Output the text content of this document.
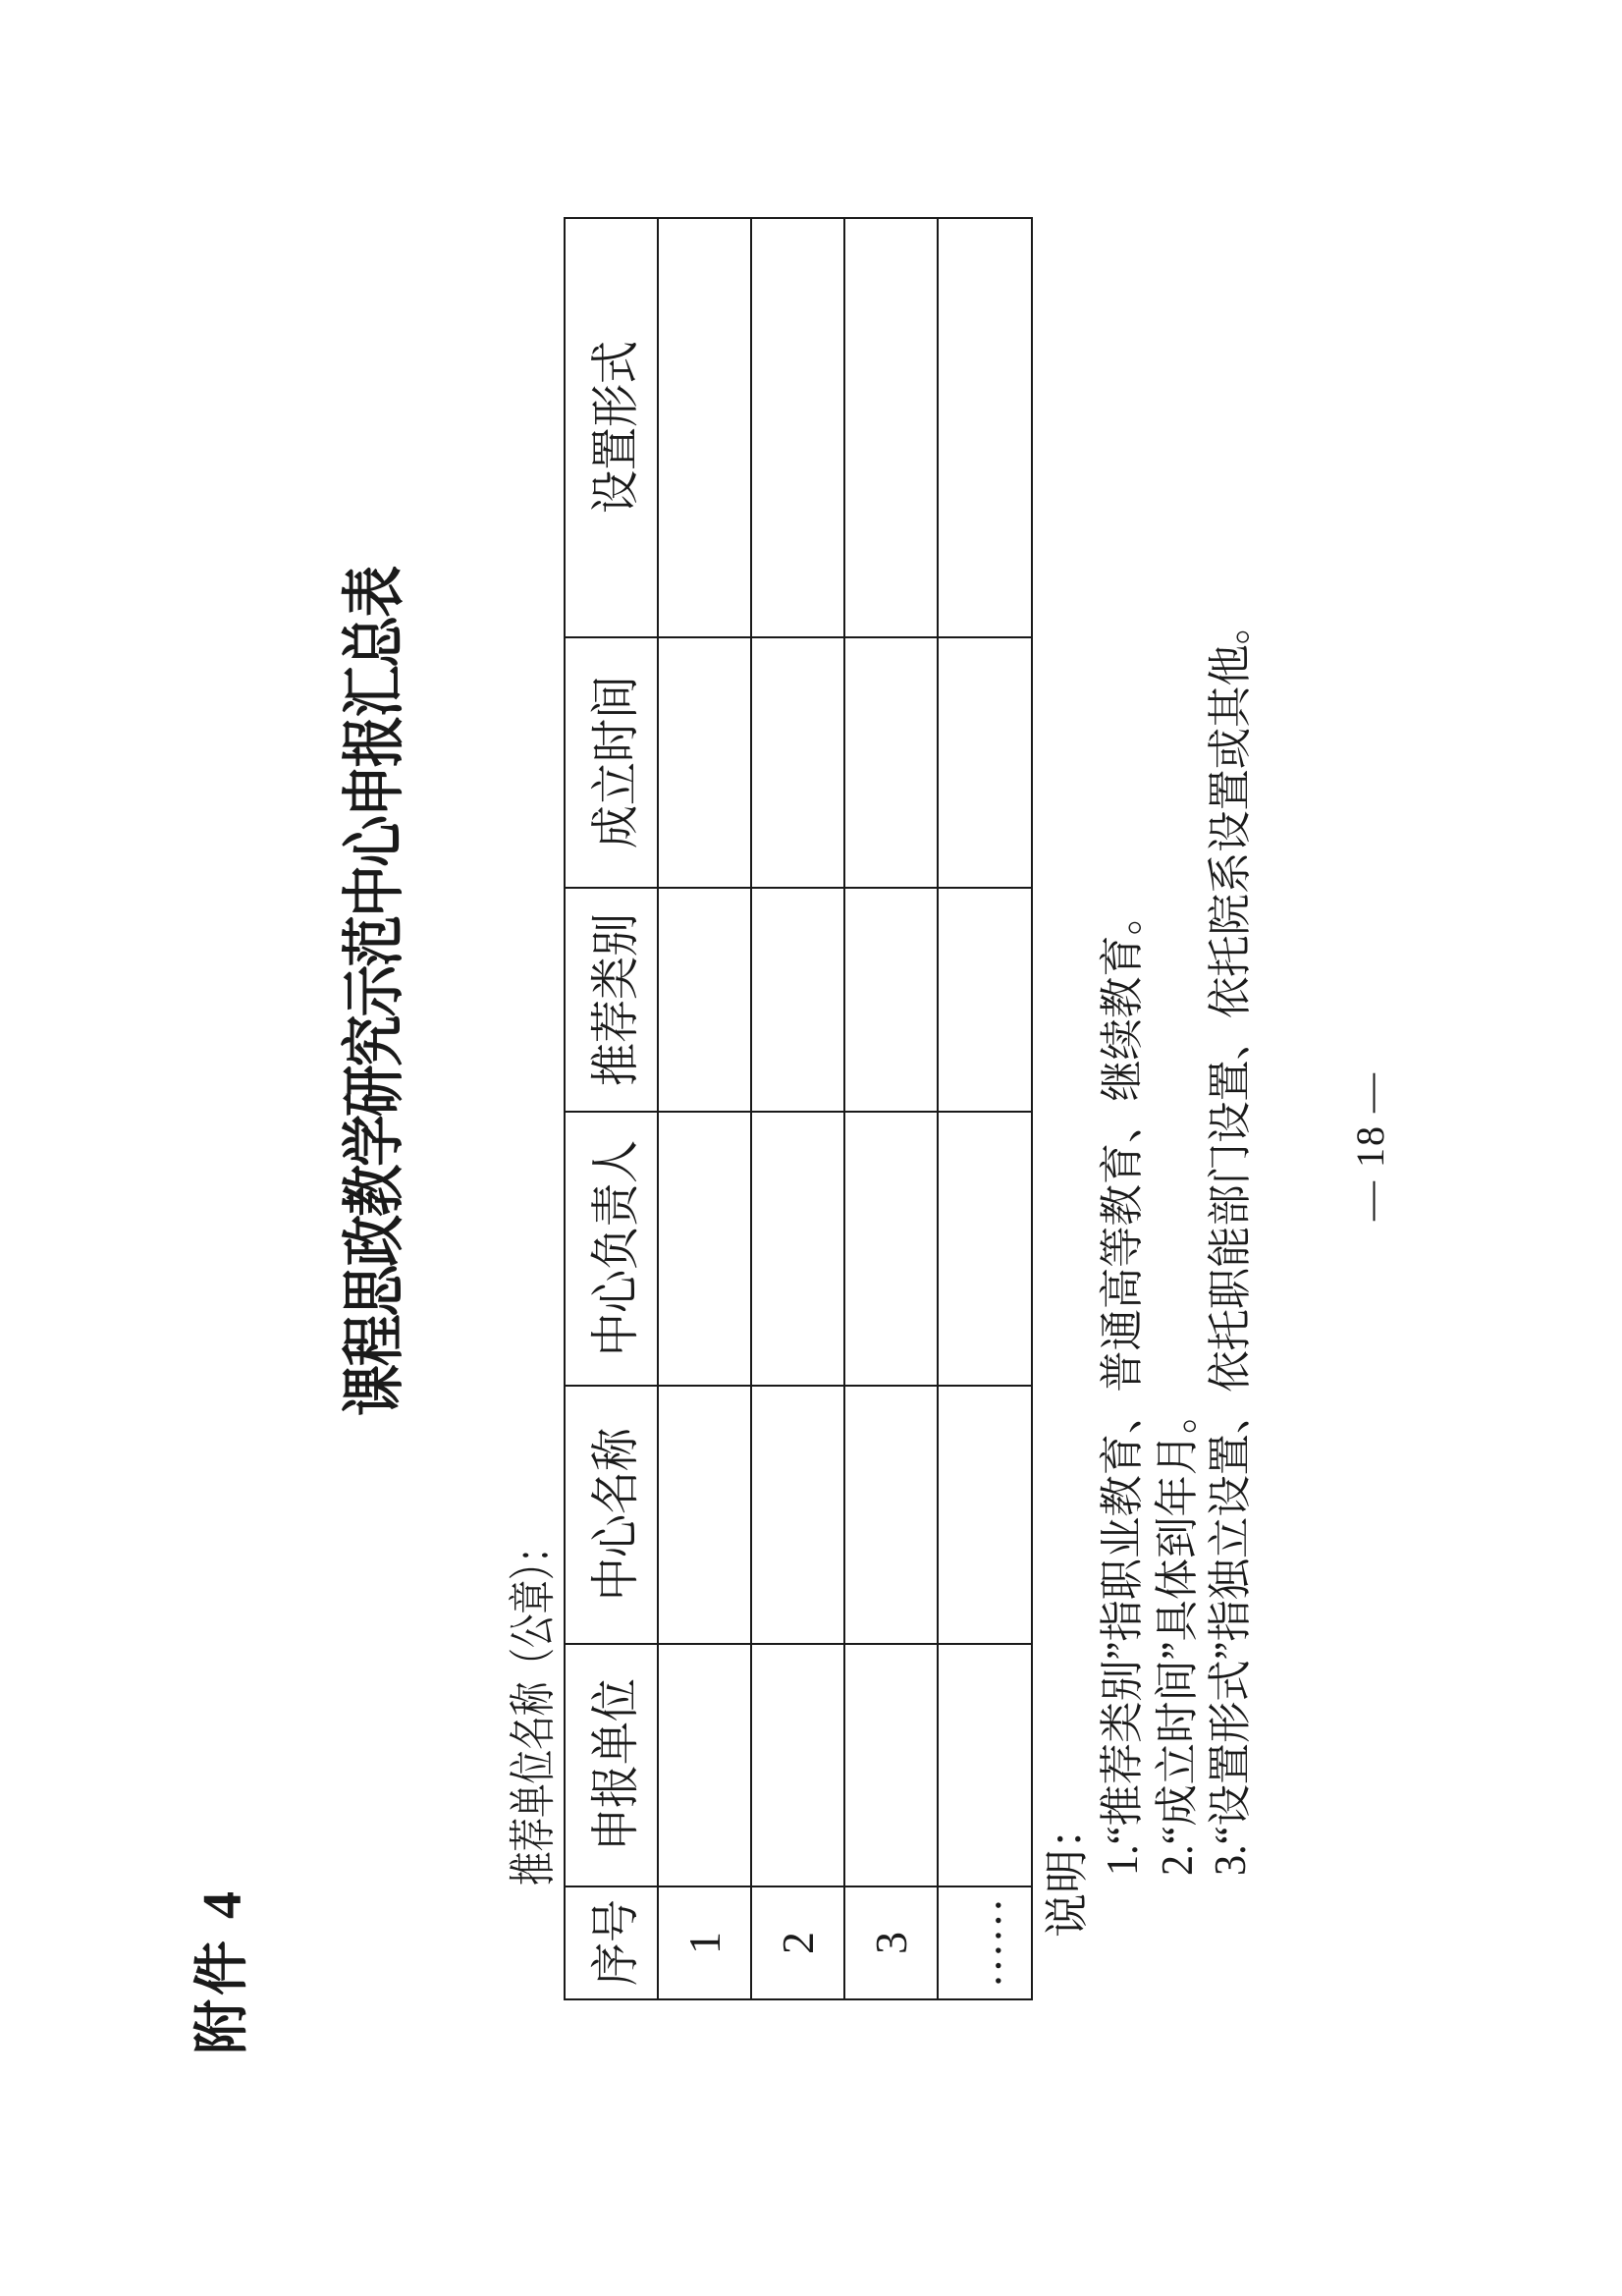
附件 4
课程思政教学研究示范中心申报汇总表
推荐单位名称（公章）：
序号	申报单位	中心名称	中心负责人	推荐类别	成立时间	设置形式
1						
2						
3						
……						
说明： 1.“推荐类别”指职业教育、普通高等教育、继续教育。 2.“成立时间”具体到年月。 3.“设置形式”指独立设置、依托职能部门设置、依托院系设置或其他。 — 18 —
